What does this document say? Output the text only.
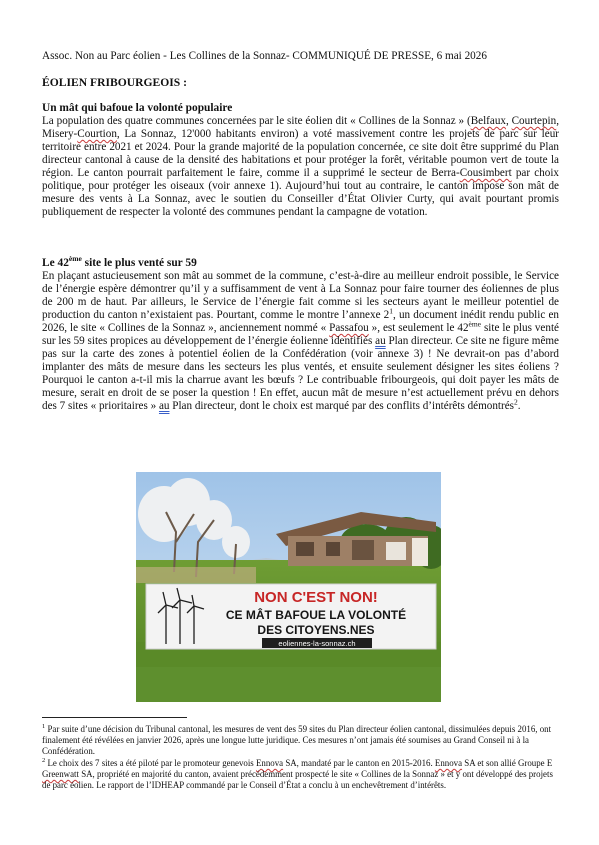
Assoc. Non au Parc éolien - Les Collines de la Sonnaz- COMMUNIQUÉ DE PRESSE, 6 mai 2026
ÉOLIEN FRIBOURGEOIS :
Un mât qui bafoue la volonté populaire
La population des quatre communes concernées par le site éolien dit « Collines de la Sonnaz » (Belfaux, Courtepin, Misery-Courtion, La Sonnaz, 12'000 habitants environ) a voté massivement contre les projets de parc sur leur territoire entre 2021 et 2024. Pour la grande majorité de la population concernée, ce site doit être supprimé du Plan directeur cantonal à cause de la densité des habitations et pour protéger la forêt, véritable poumon vert de toute la région. Le canton pourrait parfaitement le faire, comme il a supprimé le secteur de Berra-Cousimbert par choix politique, pour protéger les oiseaux (voir annexe 1). Aujourd’hui tout au contraire, le canton impose son mât de mesure des vents à La Sonnaz, avec le soutien du Conseiller d’État Olivier Curty, qui avait pourtant promis publiquement de respecter la volonté des communes pendant la campagne de votation.
Le 42ème site le plus venté sur 59
En plaçant astucieusement son mât au sommet de la commune, c’est-à-dire au meilleur endroit possible, le Service de l’énergie espère démontrer qu’il y a suffisamment de vent à La Sonnaz pour faire tourner des éoliennes de plus de 200 m de haut. Par ailleurs, le Service de l’énergie fait comme si les secteurs ayant le meilleur potentiel de production du canton n’existaient pas. Pourtant, comme le montre l’annexe $2^1$, un document inédit rendu public en 2026, le site « Collines de la Sonnaz », anciennement nommé « Passafou », est seulement le 42ème site le plus venté sur les 59 sites propices au développement de l’énergie éolienne identifiés au Plan directeur. Ce site ne figure même pas sur la carte des zones à potentiel éolien de la Confédération (voir annexe 3) ! Ne devrait-on pas d’abord implanter des mâts de mesure dans les secteurs les plus ventés, et ensuite seulement désigner les sites éoliens ? Pourquoi le canton a-t-il mis la charrue avant les bœufs ? Le contribuable fribourgeois, qui doit payer les mâts de mesure, serait en droit de se poser la question ! En effet, aucun mât de mesure n’est actuellement prévu en dehors des 7 sites « prioritaires » au Plan directeur, dont le choix est marqué par des conflits d’intérêts démontrés$^2$.
NON C'EST NON!
CE MÂT BAFOUE LA VOLONTÉ
DES CITOYENS.NES
eoliennes-la-sonnaz.ch

$^1$ Par suite d’une décision du Tribunal cantonal, les mesures de vent des 59 sites du Plan directeur éolien cantonal, dissimulées depuis 2016, ont finalement été révélées en janvier 2026, après une longue lutte juridique. Ces mesures n’ont jamais été soumises au Grand Conseil ni à la Confédération.

$^2$ Le choix des 7 sites a été piloté par le promoteur genevois Ennova SA, mandaté par le canton en 2015-2016. Ennova SA et son allié Groupe E Greenwatt SA, propriété en majorité du canton, avaient précédemment prospecté le site « Collines de la Sonnaz » et y ont développé des projets de parc éolien. Le rapport de l’IDHEAP commandé par le Conseil d’État a conclu à un enchevêtrement d’intérêts.
